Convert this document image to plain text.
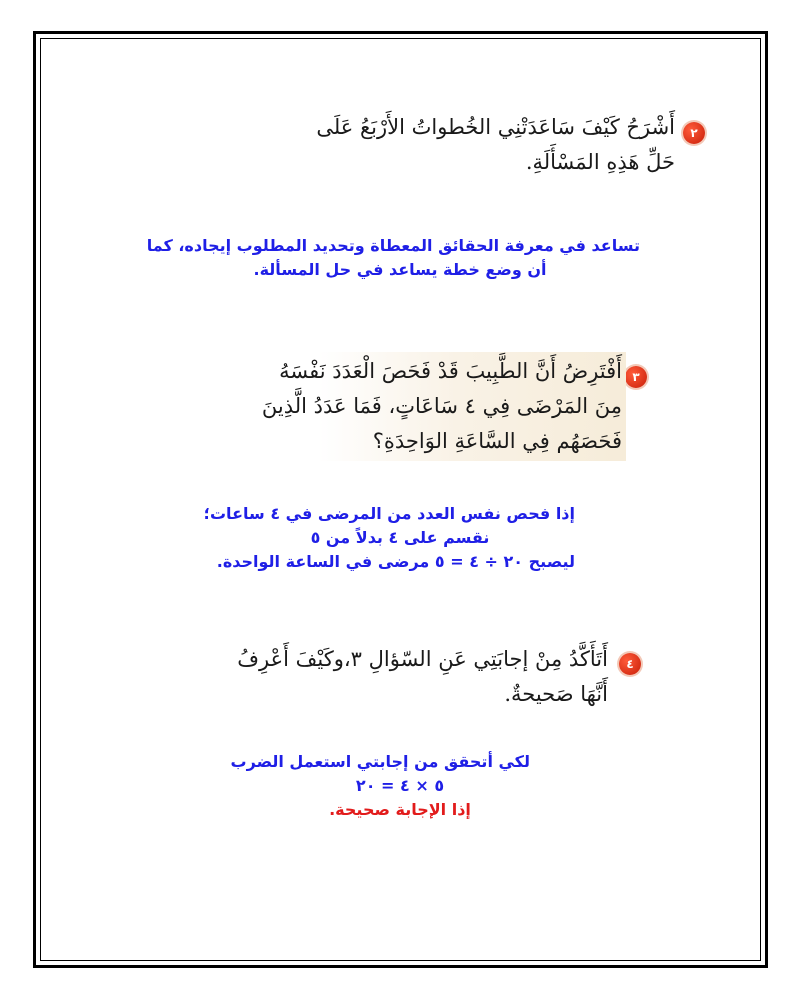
٢
أَشْرَحُ كَيْفَ سَاعَدَتْنِي الخُطواتُ الأَرْبَعُ عَلَى
حَلِّ هَذِهِ المَسْأَلَةِ.
تساعد في معرفة الحقائق المعطاة وتحديد المطلوب إيجاده، كما
أن وضع خطة يساعد في حل المسألة.
٣
أَفْتَرِضُ أَنَّ الطَّبِيبَ قَدْ فَحَصَ الْعَدَدَ نَفْسَهُ
مِنَ المَرْضَى فِي ٤ سَاعَاتٍ، فَمَا عَدَدُ الَّذِينَ
فَحَصَهُم فِي السَّاعَةِ الوَاحِدَةِ؟
إذا فحص نفس العدد من المرضى في ٤ ساعات؛
نقسم على ٤ بدلاً من ٥
ليصبح ٢٠ ÷ ٤ = ٥ مرضى في الساعة الواحدة.
٤
أَتَأَكَّدُ مِنْ إجابَتِي عَنِ السّؤالِ ٣،وكَيْفَ أَعْرِفُ
أَنَّهَا صَحيحةٌ.
لكي أتحقق من إجابتي استعمل الضرب
٥ × ٤ = ٢٠
إذا الإجابة صحيحة.
